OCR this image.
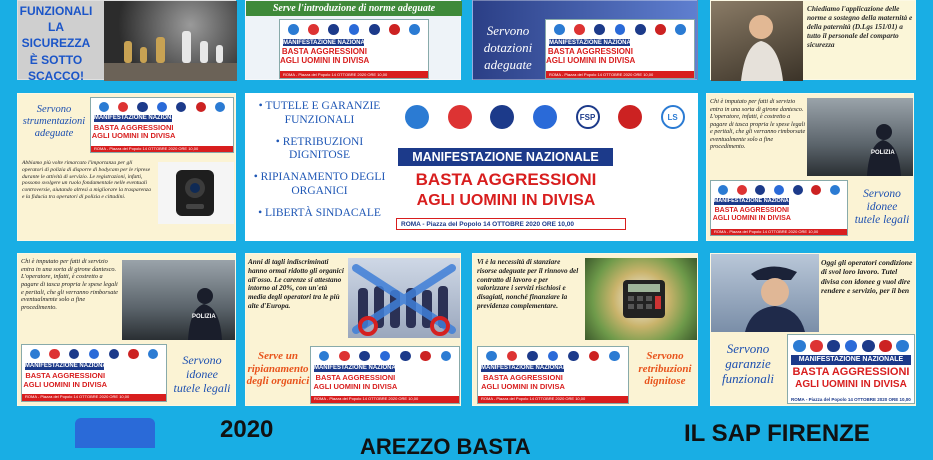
FUNZIONALI
LA SICUREZZA
È SOTTO
SCACCO!
Serve l'introduzione di norme adeguate
MANIFESTAZIONE NAZIONALE
BASTA AGGRESSIONI
AGLI UOMINI IN DIVISA
ROMA - Piazza del Popolo 14 OTTOBRE 2020 ORE 10,00
Servono
dotazioni
adeguate
MANIFESTAZIONE NAZIONALE
BASTA AGGRESSIONI
AGLI UOMINI IN DIVISA
ROMA - Piazza del Popolo 14 OTTOBRE 2020 ORE 10,00
Chiediamo l'applicazione delle norme a sostegno della maternità e della paternità (D.Lgs 151/01) a tutto il personale del comparto sicurezza
Servono
strumentazioni
adeguate
MANIFESTAZIONE NAZIONALE
BASTA AGGRESSIONI
AGLI UOMINI IN DIVISA
ROMA - Piazza del Popolo 14 OTTOBRE 2020 ORE 10,00
Abbiamo più volte rimarcato l'importanza per gli operatori di polizia di disporre di bodycam per le riprese durante le attività di servizio. Le registrazioni, infatti, possono svolgere un ruolo fondamentale nelle eventuali controversie, aiutando altresì a migliorare la trasparenza e la fiducia tra operatori di polizia e cittadini.
• TUTELE E GARANZIE FUNZIONALI
• RETRIBUZIONI DIGNITOSE
• RIPIANAMENTO DEGLI ORGANICI
• LIBERTÀ SINDACALE
FSP	LS
MANIFESTAZIONE NAZIONALE
BASTA AGGRESSIONI
AGLI UOMINI IN DIVISA
ROMA - Piazza del Popolo 14 OTTOBRE 2020 ORE 10,00
Chi è imputato per fatti di servizio entra in una sorta di girone dantesco. L'operatore, infatti, è costretto a pagare di tasca propria le spese legali e peritali, che gli verranno rimborsate eventualmente solo a fine procedimento.
POLIZIA
MANIFESTAZIONE NAZIONALE
BASTA AGGRESSIONI
AGLI UOMINI IN DIVISA
ROMA - Piazza del Popolo 14 OTTOBRE 2020 ORE 10,00
Servono
idonee
tutele legali
Chi è imputato per fatti di servizio entra in una sorta di girone dantesco. L'operatore, infatti, è costretto a pagare di tasca propria le spese legali e peritali, che gli verranno rimborsate eventualmente solo a fine procedimento.
POLIZIA
MANIFESTAZIONE NAZIONALE
BASTA AGGRESSIONI
AGLI UOMINI IN DIVISA
ROMA - Piazza del Popolo 14 OTTOBRE 2020 ORE 10,00
Servono
idonee
tutele legali
Anni di tagli indiscriminati hanno ormai ridotto gli organici all'osso. Le carenze si attestano intorno al 20%, con un'età media degli operatori tra le più alte d'Europa.
Serve un
ripianamento
degli organici
MANIFESTAZIONE NAZIONALE
BASTA AGGRESSIONI
AGLI UOMINI IN DIVISA
ROMA - Piazza del Popolo 14 OTTOBRE 2020 ORE 10,00
Vi è la necessità di stanziare risorse adeguate per il rinnovo del contratto di lavoro e per valorizzare i servizi rischiosi e disagiati, nonché finanziare la previdenza complementare.
MANIFESTAZIONE NAZIONALE
BASTA AGGRESSIONI
AGLI UOMINI IN DIVISA
ROMA - Piazza del Popolo 14 OTTOBRE 2020 ORE 10,00
Servono
retribuzioni
dignitose
Oggi gli operatori condizione di svol loro lavoro. Tutel divisa con idonee g vuol dire rendere e servizio, per il ben
Servono
garanzie
funzionali
MANIFESTAZIONE NAZIONALE
BASTA AGGRESSIONI
AGLI UOMINI IN DIVISA
ROMA - Piazza del Popolo 14 OTTOBRE 2020 ORE 10,00
2020
AREZZO BASTA	IL SAP FIRENZE
